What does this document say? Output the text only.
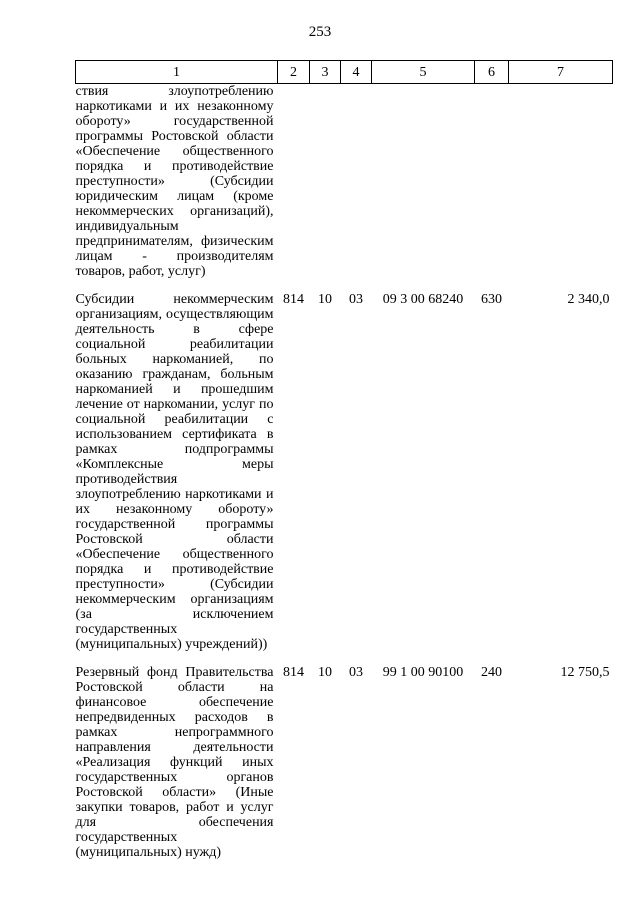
253
1	2	3	4	5	6	7
ствия злоупотреблению наркотиками и их незаконному обороту» государственной программы Ростовской области «Обеспечение общественного порядка и противодействие преступности» (Субсидии юридическим лицам (кроме некоммерческих организаций), индивидуальным предпринимателям, физическим лицам - производителям товаров, работ, услуг)						
Субсидии некоммерческим организациям, осуществляющим деятельность в сфере социальной реабилитации больных наркоманией, по оказанию гражданам, больным наркоманией и прошедшим лечение от наркомании, услуг по социальной реабилитации с использованием сертификата в рамках подпрограммы «Комплексные меры противодействия злоупотреблению наркотиками и их незаконному обороту» государственной программы Ростовской области «Обеспечение общественного порядка и противодействие преступности» (Субсидии некоммерческим организациям (за исключением государственных (муниципальных) учреждений))	814	10	03	09 3 00 68240	630	2 340,0
Резервный фонд Правительства Ростовской области на финансовое обеспечение непредвиденных расходов в рамках непрограммного направления деятельности «Реализация функций иных государственных органов Ростовской области» (Иные закупки товаров, работ и услуг для обеспечения государственных (муниципальных) нужд)	814	10	03	99 1 00 90100	240	12 750,5
